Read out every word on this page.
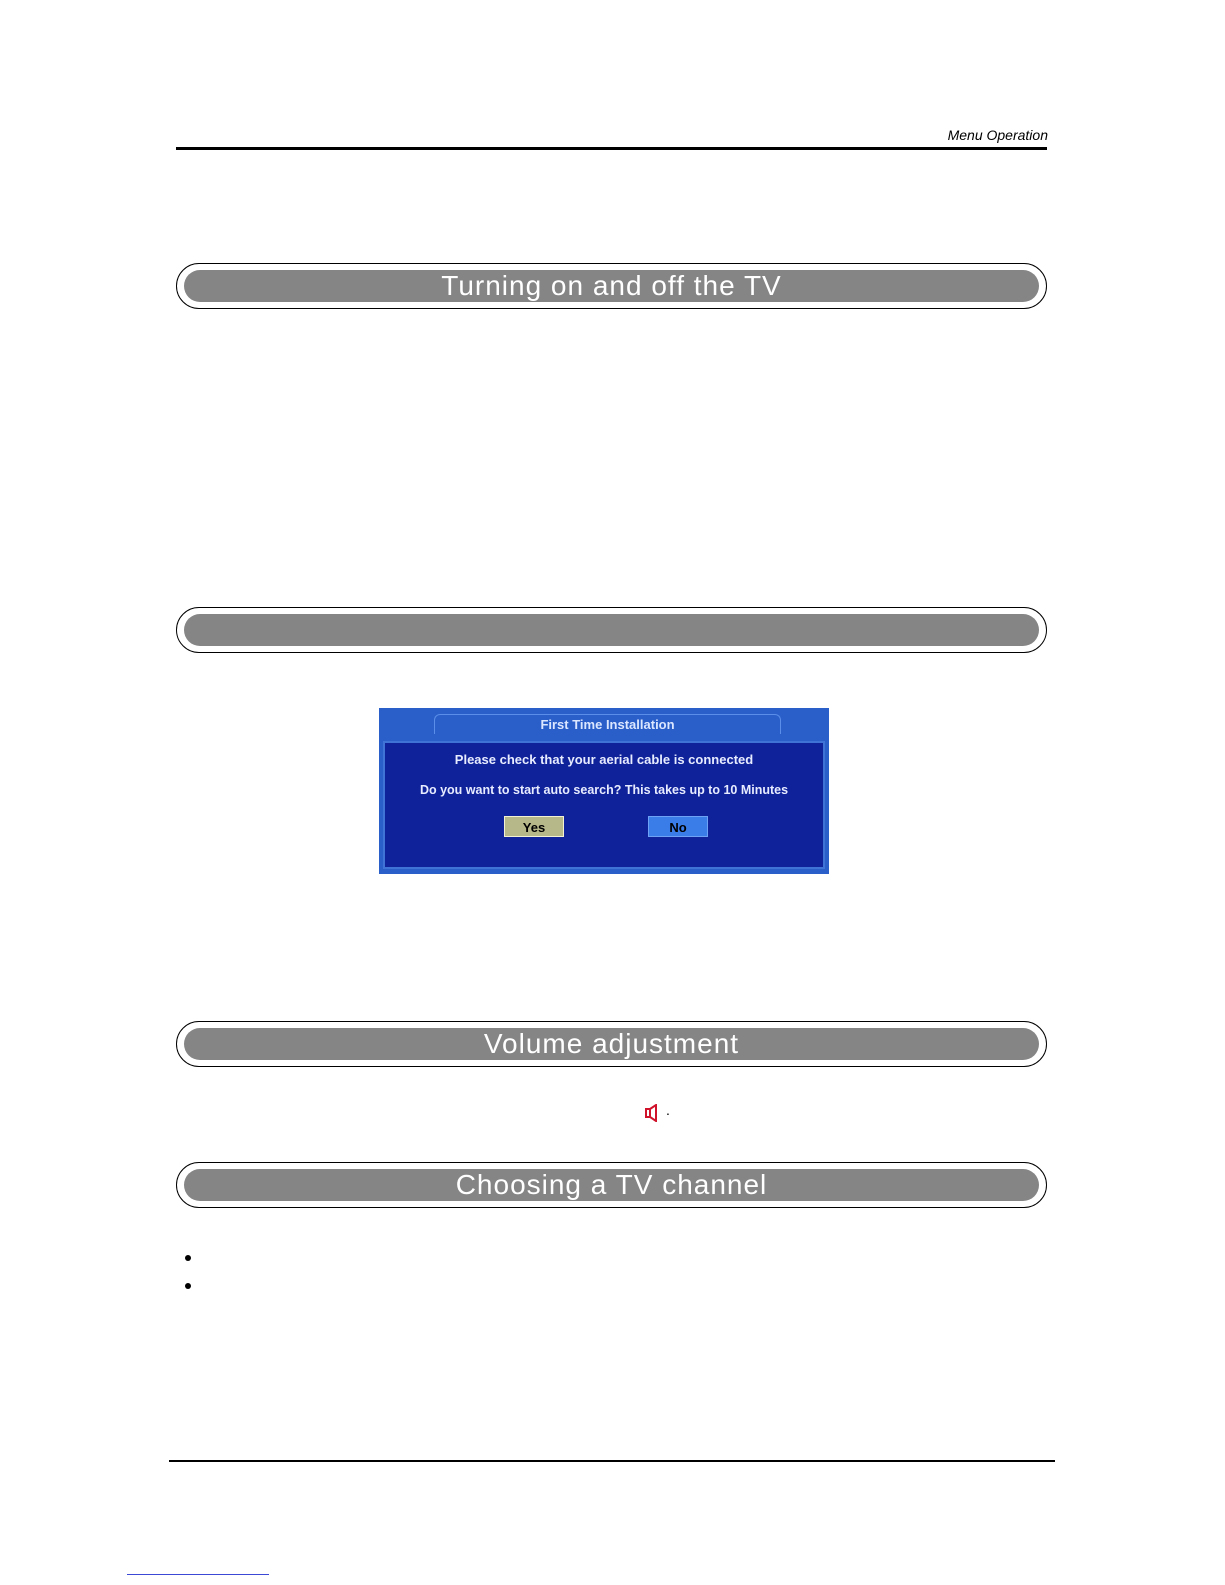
Menu Operation
Turning on and off the TV
First Time Installation
Please check that your aerial cable is connected
Do you want to start auto search? This takes up to 10 Minutes
Yes	No
Volume adjustment
.
Choosing a TV channel
